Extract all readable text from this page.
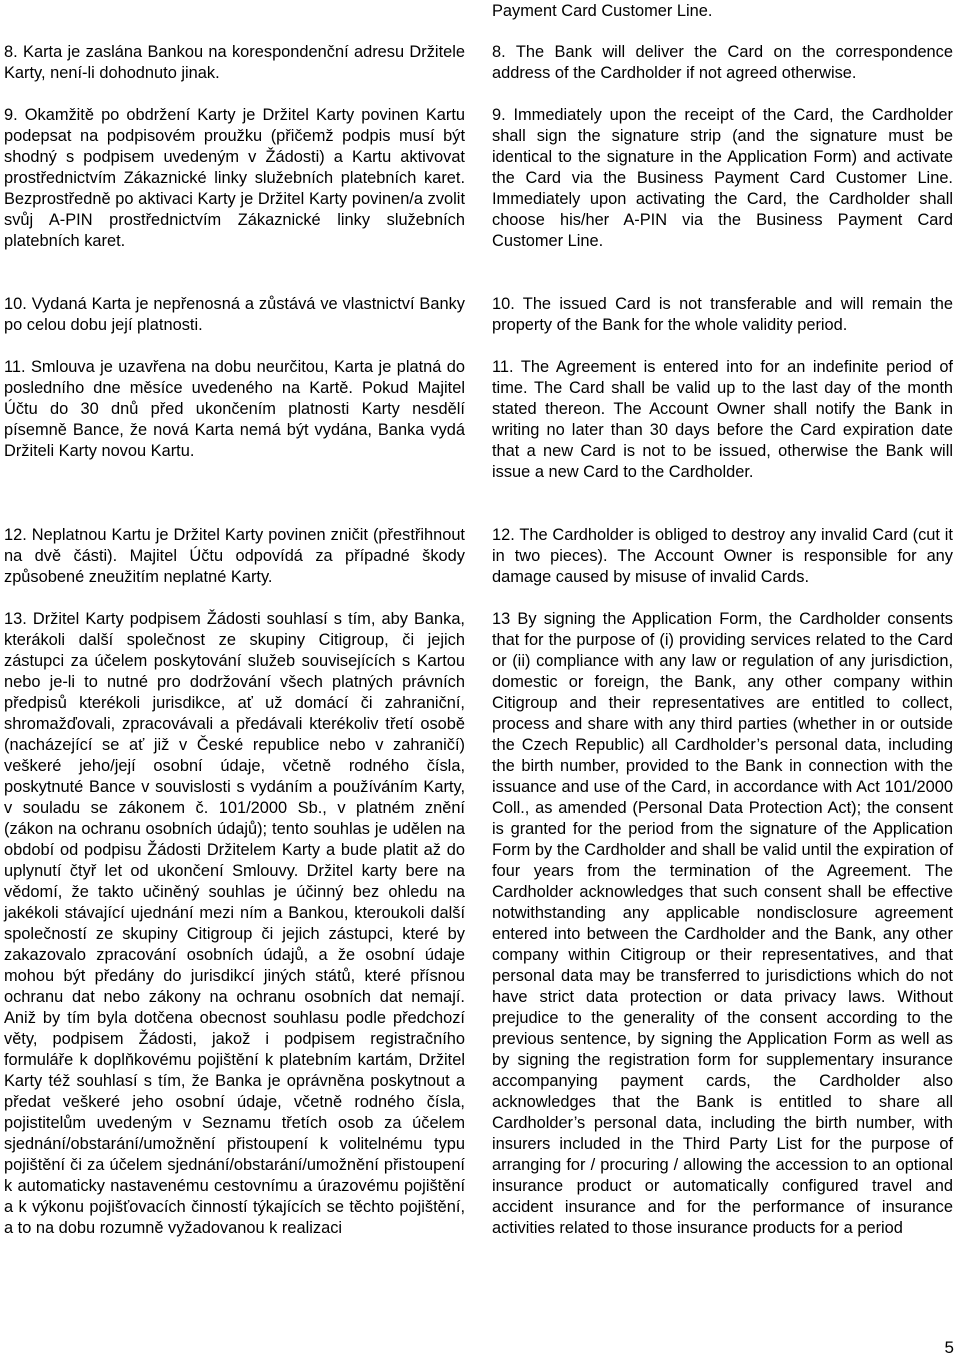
8. Karta je zaslána Bankou na korespondenční adresu Držitele Karty, není-li dohodnuto jinak.

9. Okamžitě po obdržení Karty je Držitel Karty povinen Kartu podepsat na podpisovém proužku (přičemž podpis musí být shodný s podpisem uvedeným v Žádosti) a Kartu aktivovat prostřednictvím Zákaznické linky služebních platebních karet. Bezprostředně po aktivaci Karty je Držitel Karty povinen/a zvolit svůj A-PIN prostřednictvím Zákaznické linky služebních platebních karet.

10. Vydaná Karta je nepřenosná a zůstává ve vlastnictví Banky po celou dobu její platnosti.

11. Smlouva je uzavřena na dobu neurčitou, Karta je platná do posledního dne měsíce uvedeného na Kartě. Pokud Majitel Účtu do 30 dnů před ukončením platnosti Karty nesdělí písemně Bance, že nová Karta nemá být vydána, Banka vydá Držiteli Karty novou Kartu.

12. Neplatnou Kartu je Držitel Karty povinen zničit (přestřihnout na dvě části). Majitel Účtu odpovídá za případné škody způsobené zneužitím neplatné Karty.

13. Držitel Karty podpisem Žádosti souhlasí s tím, aby Banka, kterákoli další společnost ze skupiny Citigroup, či jejich zástupci za účelem poskytování služeb souvisejících s Kartou nebo je-li to nutné pro dodržování všech platných právních předpisů kterékoli jurisdikce, ať už domácí či zahraniční, shromažďovali, zpracovávali a předávali kterékoliv třetí osobě (nacházející se ať již v České republice nebo v zahraničí) veškeré jeho/její osobní údaje, včetně rodného čísla, poskytnuté Bance v souvislosti s vydáním a používáním Karty, v souladu se zákonem č. 101/2000 Sb., v platném znění (zákon na ochranu osobních údajů); tento souhlas je udělen na období od podpisu Žádosti Držitelem Karty a bude platit až do uplynutí čtyř let od ukončení Smlouvy. Držitel karty bere na vědomí, že takto učiněný souhlas je účinný bez ohledu na jakékoli stávající ujednání mezi ním a Bankou, kteroukoli další společností ze skupiny Citigroup či jejich zástupci, které by zakazovalo zpracování osobních údajů, a že osobní údaje mohou být předány do jurisdikcí jiných států, které přísnou ochranu dat nebo zákony na ochranu osobních dat nemají. Aniž by tím byla dotčena obecnost souhlasu podle předchozí věty, podpisem Žádosti, jakož i podpisem registračního formuláře k doplňkovému pojištění k platebním kartám, Držitel Karty též souhlasí s tím, že Banka je oprávněna poskytnout a předat veškeré jeho osobní údaje, včetně rodného čísla, pojistitelům uvedeným v Seznamu třetích osob za účelem sjednání/obstarání/umožnění přistoupení k volitelnému typu pojištění či za účelem sjednání/obstarání/umožnění přistoupení k automaticky nastavenému cestovnímu a úrazovému pojištění a k výkonu pojišťovacích činností týkajících se těchto pojištění, a to na dobu rozumně vyžadovanou k realizaci

Payment Card Customer Line.

8. The Bank will deliver the Card on the correspondence address of the Cardholder if not agreed otherwise.

9. Immediately upon the receipt of the Card, the Cardholder shall sign the signature strip (and the signature must be identical to the signature in the Application Form) and activate the Card via the Business Payment Card Customer Line. Immediately upon activating the Card, the Cardholder shall choose his/her A-PIN via the Business Payment Card Customer Line.

10. The issued Card is not transferable and will remain the property of the Bank for the whole validity period.

11. The Agreement is entered into for an indefinite period of time. The Card shall be valid up to the last day of the month stated thereon. The Account Owner shall notify the Bank in writing no later than 30 days before the Card expiration date that a new Card is not to be issued, otherwise the Bank will issue a new Card to the Cardholder.

12. The Cardholder is obliged to destroy any invalid Card (cut it in two pieces). The Account Owner is responsible for any damage caused by misuse of invalid Cards.

13 By signing the Application Form, the Cardholder consents that for the purpose of (i) providing services related to the Card or (ii) compliance with any law or regulation of any jurisdiction, domestic or foreign, the Bank, any other company within Citigroup and their representatives are entitled to collect, process and share with any third parties (whether in or outside the Czech Republic) all Cardholder’s personal data, including the birth number, provided to the Bank in connection with the issuance and use of the Card, in accordance with Act 101/2000 Coll., as amended (Personal Data Protection Act); the consent is granted for the period from the signature of the Application Form by the Cardholder and shall be valid until the expiration of four years from the termination of the Agreement. The Cardholder acknowledges that such consent shall be effective notwithstanding any applicable nondisclosure agreement entered into between the Cardholder and the Bank, any other company within Citigroup or their representatives, and that personal data may be transferred to jurisdictions which do not have strict data protection or data privacy laws. Without prejudice to the generality of the consent according to the previous sentence, by signing the Application Form as well as by signing the registration form for supplementary insurance accompanying payment cards, the Cardholder also acknowledges that the Bank is entitled to share all Cardholder’s personal data, including the birth number, with insurers included in the Third Party List for the purpose of arranging for / procuring / allowing the accession to an optional insurance product or automatically configured travel and accident insurance and for the performance of insurance activities related to those insurance products for a period

5
